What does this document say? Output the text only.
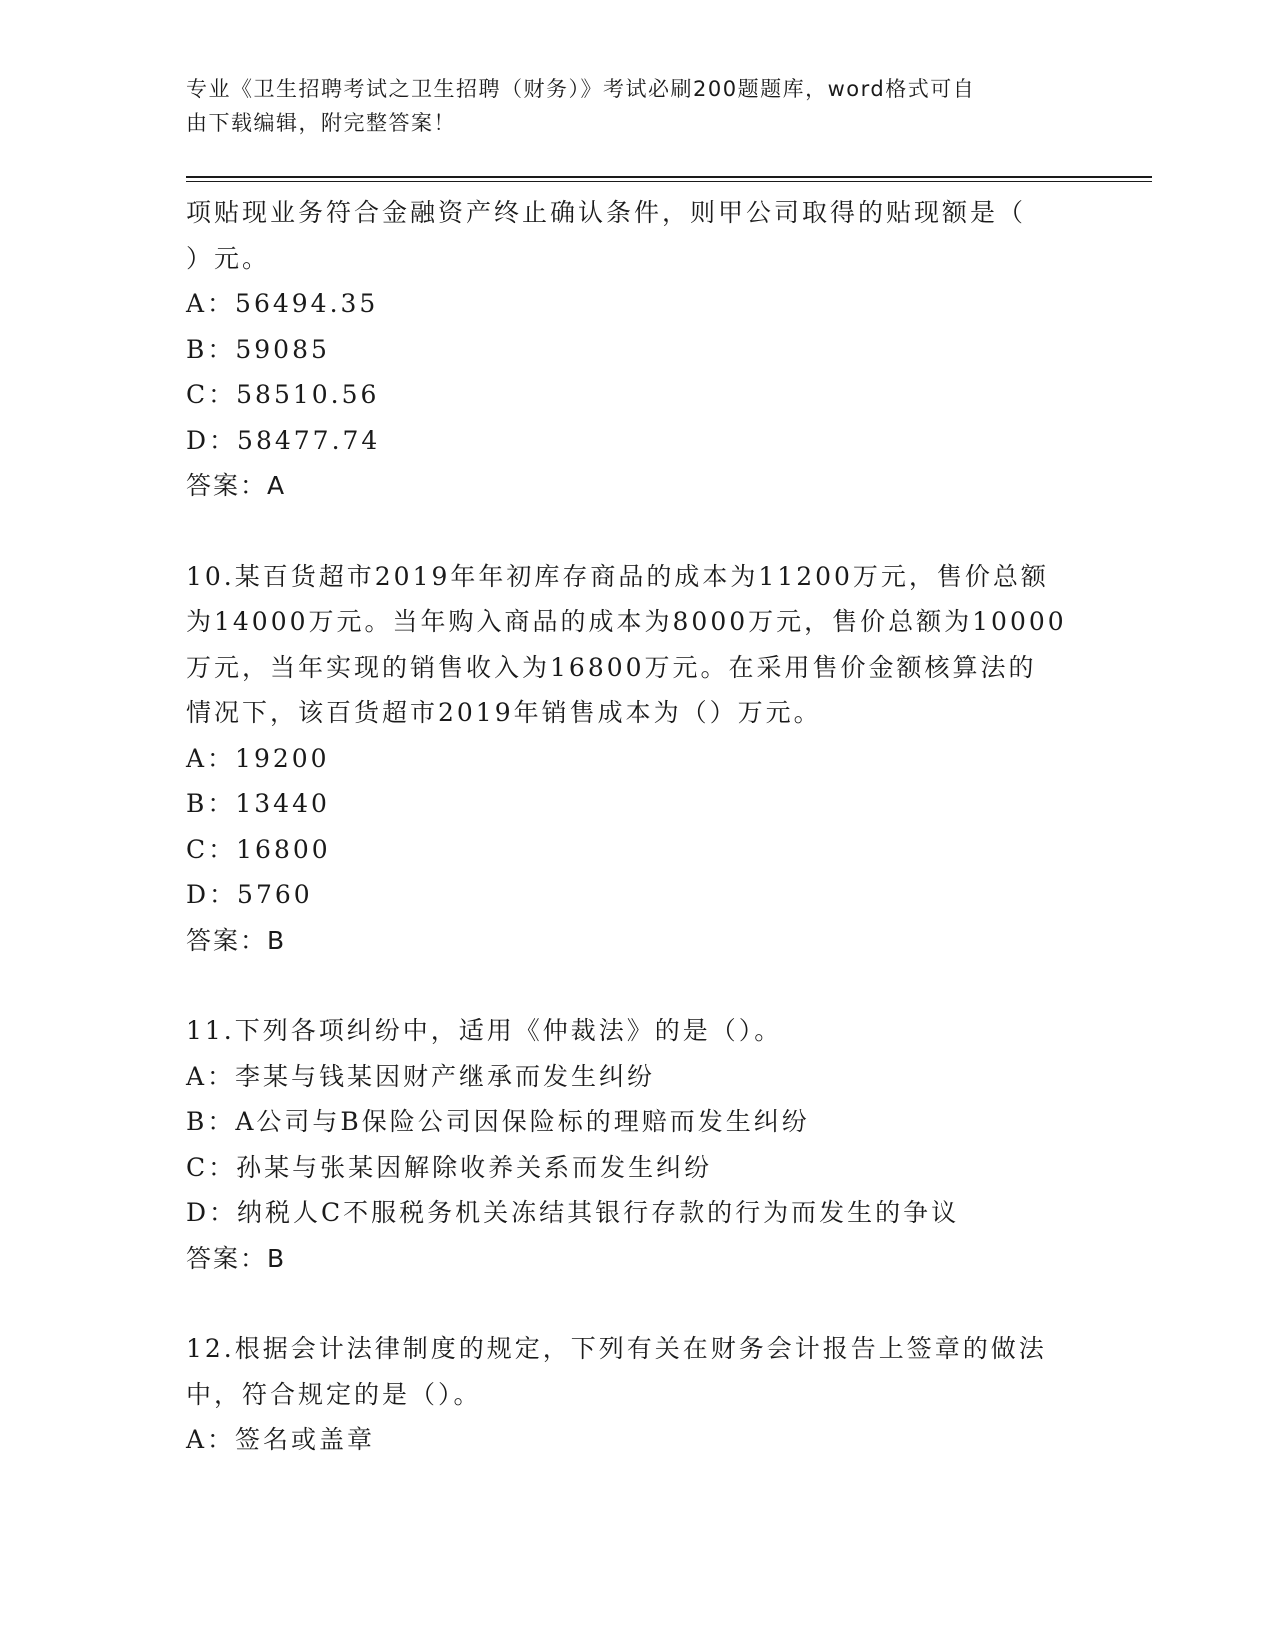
专业《卫生招聘考试之卫生招聘（财务）》考试必刷200题题库，word格式可自
由下载编辑，附完整答案！
项贴现业务符合金融资产终止确认条件，则甲公司取得的贴现额是（
）元。
A：56494.35
B：59085
C：58510.56
D：58477.74
答案：A
10.某百货超市2019年年初库存商品的成本为11200万元，售价总额
为14000万元。当年购入商品的成本为8000万元，售价总额为10000
万元，当年实现的销售收入为16800万元。在采用售价金额核算法的
情况下，该百货超市2019年销售成本为（）万元。
A：19200
B：13440
C：16800
D：5760
答案：B
11.下列各项纠纷中，适用《仲裁法》的是（）。
A：李某与钱某因财产继承而发生纠纷
B：A公司与B保险公司因保险标的理赔而发生纠纷
C：孙某与张某因解除收养关系而发生纠纷
D：纳税人C不服税务机关冻结其银行存款的行为而发生的争议
答案：B
12.根据会计法律制度的规定，下列有关在财务会计报告上签章的做法
中，符合规定的是（）。
A：签名或盖章
